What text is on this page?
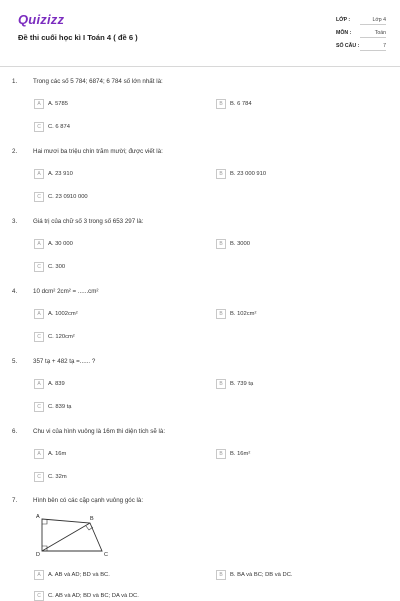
Quizizz
Đề thi cuối học kì I Toán 4 ( đề 6 )
LỚP :	Lớp 4
MÔN :	Toán
SỐ CÂU :	7
1.	Trong các số 5 784; 6874; 6 784 số lớn nhất là:
A A. 5785	B B. 6 784
C C. 6 874
2.	Hai mươi ba triệu chín trăm mười; được viết là:
A A. 23 910	B B. 23 000 910
C C. 23 0910 000
3.	Giá trị của chữ số 3 trong số 653 297 là:
A A. 30 000	B B. 3000
C C. 300
4.	10 dcm² 2cm² = ......cm²
A A. 1002cm²	B B. 102cm²
C C. 120cm²
5.	357 tạ + 482 tạ =...... ?
A A. 839	B B. 739 tạ
C C. 839 tạ
6.	Chu vi của hình vuông là 16m thì diện tích sẽ là:
A A. 16m	B B. 16m²
C C. 32m
7.	Hình bên có các cặp cạnh vuông góc là:
A	B
D	C
A A. AB và AD; BD và BC.	B B. BA và BC; DB và DC.
C C. AB và AD; BD và BC; DA và DC.
